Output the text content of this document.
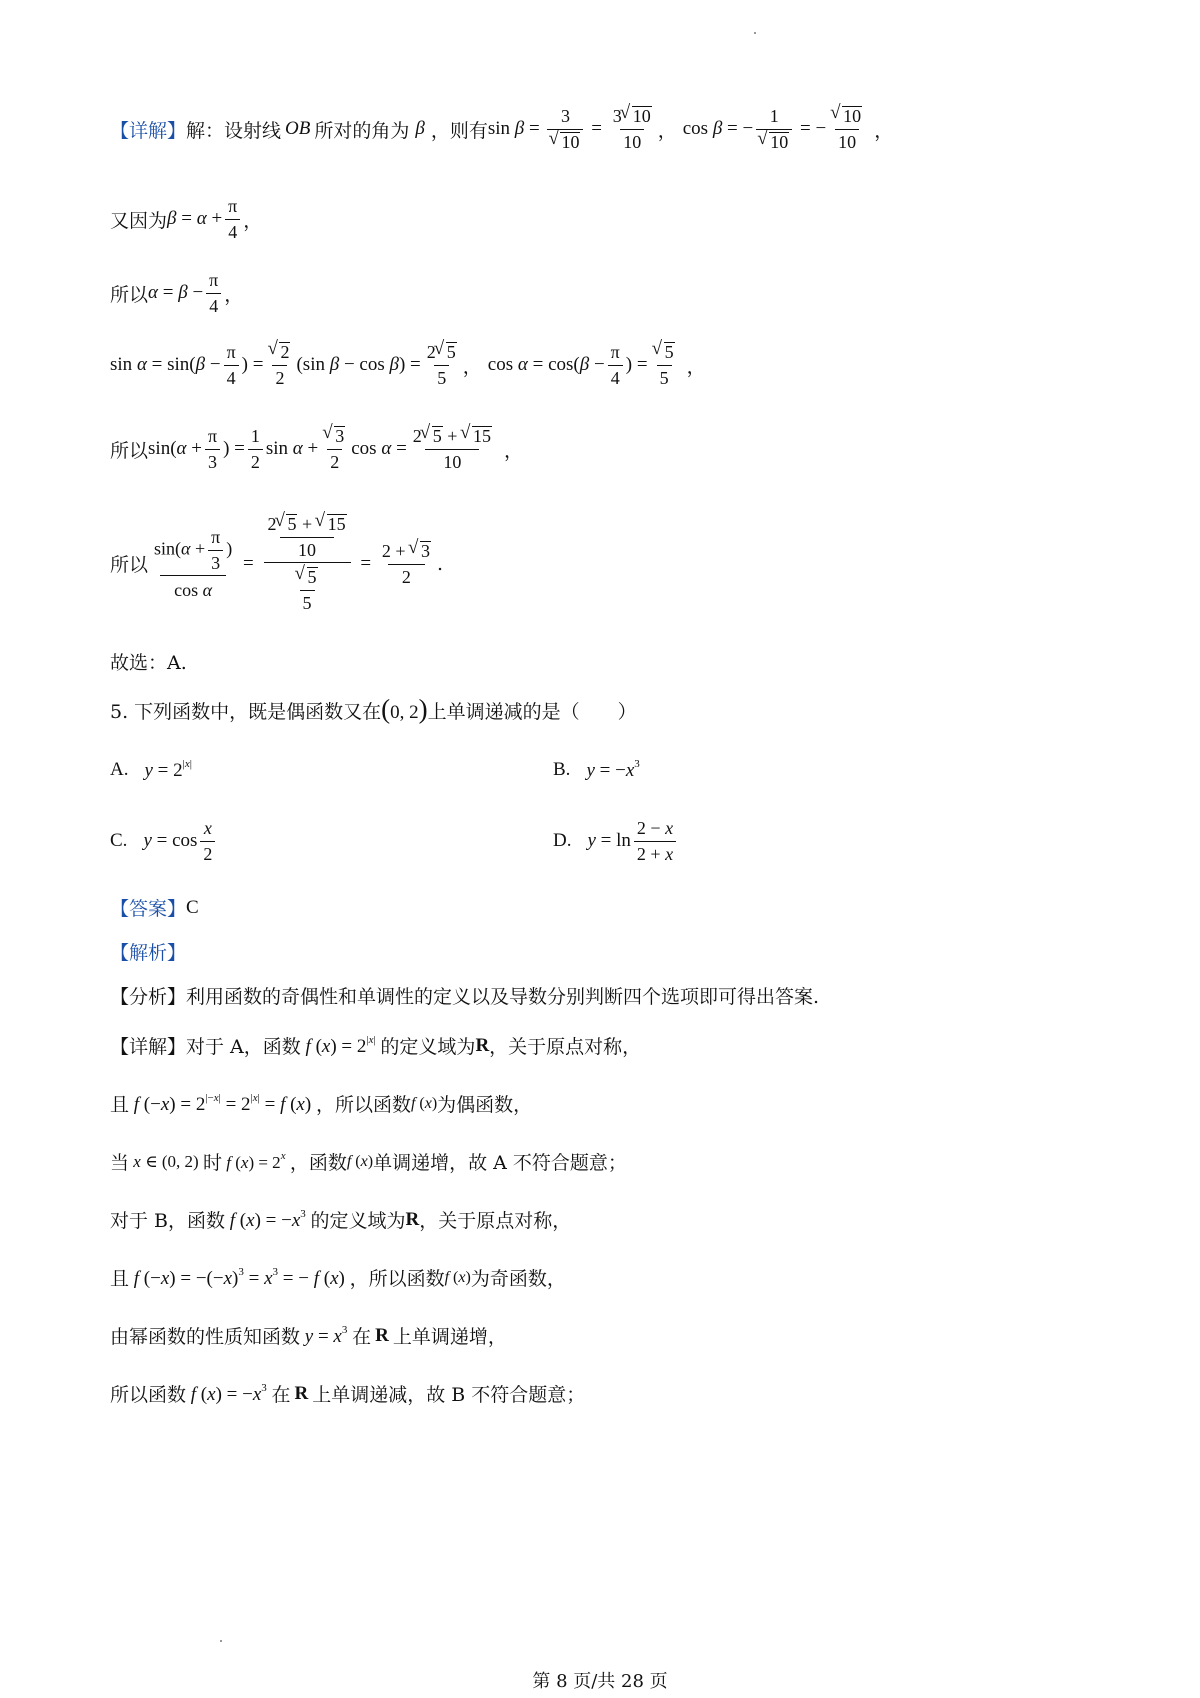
【详解】 解：设射线 OB 所对的角为 β ，则有 sin β = 3
√ $10 = \frac{3 √ 10}{10}$ ， cos β = − 1
√ 10 = − √ $\frac{10}{10}$ ，
又因为 $\beta = \alpha + \frac{\pi}{4}$ ，
所以 $\alpha = \beta - \frac{\pi}{4}$ ，
$\sin \alpha = \sin(\beta - \frac{\pi}{4}$ ) = √ $\frac{2}{2} (\sin$ $\beta - \cos \beta) = \frac{2 √ 5}{5}$ ， $\cos \alpha = \cos(\beta - \frac{\pi}{4}$ ) = √ $\frac{5}{5}$ ，
所以 $\sin(\alpha + \frac{\pi}{3}$ ) = $\frac{1}{2}$ sin α + √ $\frac{3}{2}$ $\cos \alpha = \frac{2 √ 5 + √ 15}{10}$ ，
所以 $\frac{\sin(\alpha + \frac{\pi}{3} )}{\text{cos α}} = \frac{2 √ 5 + √ 15}{10}$
√ $\frac{5}{5} = \frac{2 + √ 3}{2}$ .
故选：A.
5. 下列函数中，既是偶函数又在 (0, 2) 上单调递减的是（　　）
A. $y = 2^{|x|}$	B. $y = -x^3$
C. $y = \cos \frac{x}{2}$	D. $y = \ln \frac{2 - x}{2 + x}$
【答案】 C
【解析】
【分析】 利用函数的奇偶性和单调性的定义以及导数分别判断四个选项即可得出答案.
【详解】 对于 A，函数 f $(x) = 2^{|x|}$ 的定义域为 R ，关于原点对称，
且 f $(-x) = 2^{|-x|} = 2^{|x|} = f$ (x) ，所以函数 f (x) 为偶函数，
当 x ∈ (0, 2) 时 f $(x) = 2^x$ ，函数 f (x) 单调递增，故 A 不符合题意；
对于 B，函数 f $(x) = -x^3$ 的定义域为 R ，关于原点对称，
且 f $(-x) = -(-x)^3 = x^3$ = − f (x) ，所以函数 f (x) 为奇函数，
由幂函数的性质知函数 $y = x^3$ 在 R 上单调递增，
所以函数 f $(x) = -x^3$ 在 R 上单调递减，故 B 不符合题意；
第 8 页/共 28 页
